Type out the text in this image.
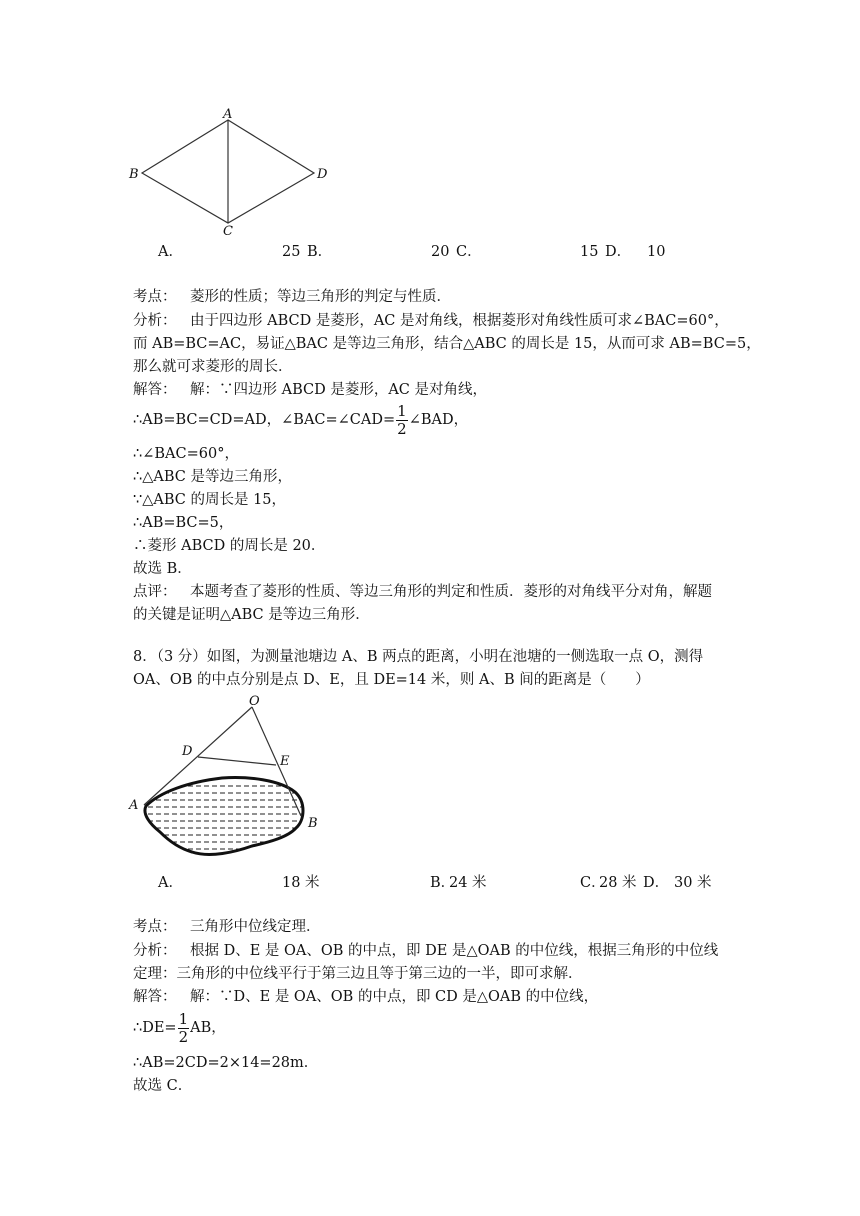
A
B
C
D
A．	25 B．	20 C．	15 D． 10
考点： 菱形的性质；等边三角形的判定与性质．
分析： 由于四边形 ABCD 是菱形，AC 是对角线，根据菱形对角线性质可求∠BAC=60°，
而 AB=BC=AC，易证△BAC 是等边三角形，结合△ABC 的周长是 15，从而可求 AB=BC=5，
那么就可求菱形的周长．
解答： 解：∵四边形 ABCD 是菱形，AC 是对角线，
∴AB=BC=CD=AD，∠BAC=∠CAD= $\frac{1}{2}$ ∠BAD，
∴∠BAC=60°，
∴△ABC 是等边三角形，
∵△ABC 的周长是 15，
∴AB=BC=5，
∴菱形 ABCD 的周长是 20．
故选 B．
点评： 本题考查了菱形的性质、等边三角形的判定和性质．菱形的对角线平分对角，解题
的关键是证明△ABC 是等边三角形．
8．（3 分）如图，为测量池塘边 A、B 两点的距离，小明在池塘的一侧选取一点 O，测得
OA、OB 的中点分别是点 D、E，且 DE=14 米，则 A、B 间的距离是（　　）
O
D
E
A
B
A．	18 米	B．
24 米	C．
28 米 D． 30 米
考点： 三角形中位线定理．
分析： 根据 D、E 是 OA、OB 的中点，即 DE 是△OAB 的中位线，根据三角形的中位线
定理：三角形的中位线平行于第三边且等于第三边的一半，即可求解．
解答： 解：∵D、E 是 OA、OB 的中点，即 CD 是△OAB 的中位线，
∴DE= $\frac{1}{2}$ AB，
∴AB=2CD=2×14=28m．
故选 C．
